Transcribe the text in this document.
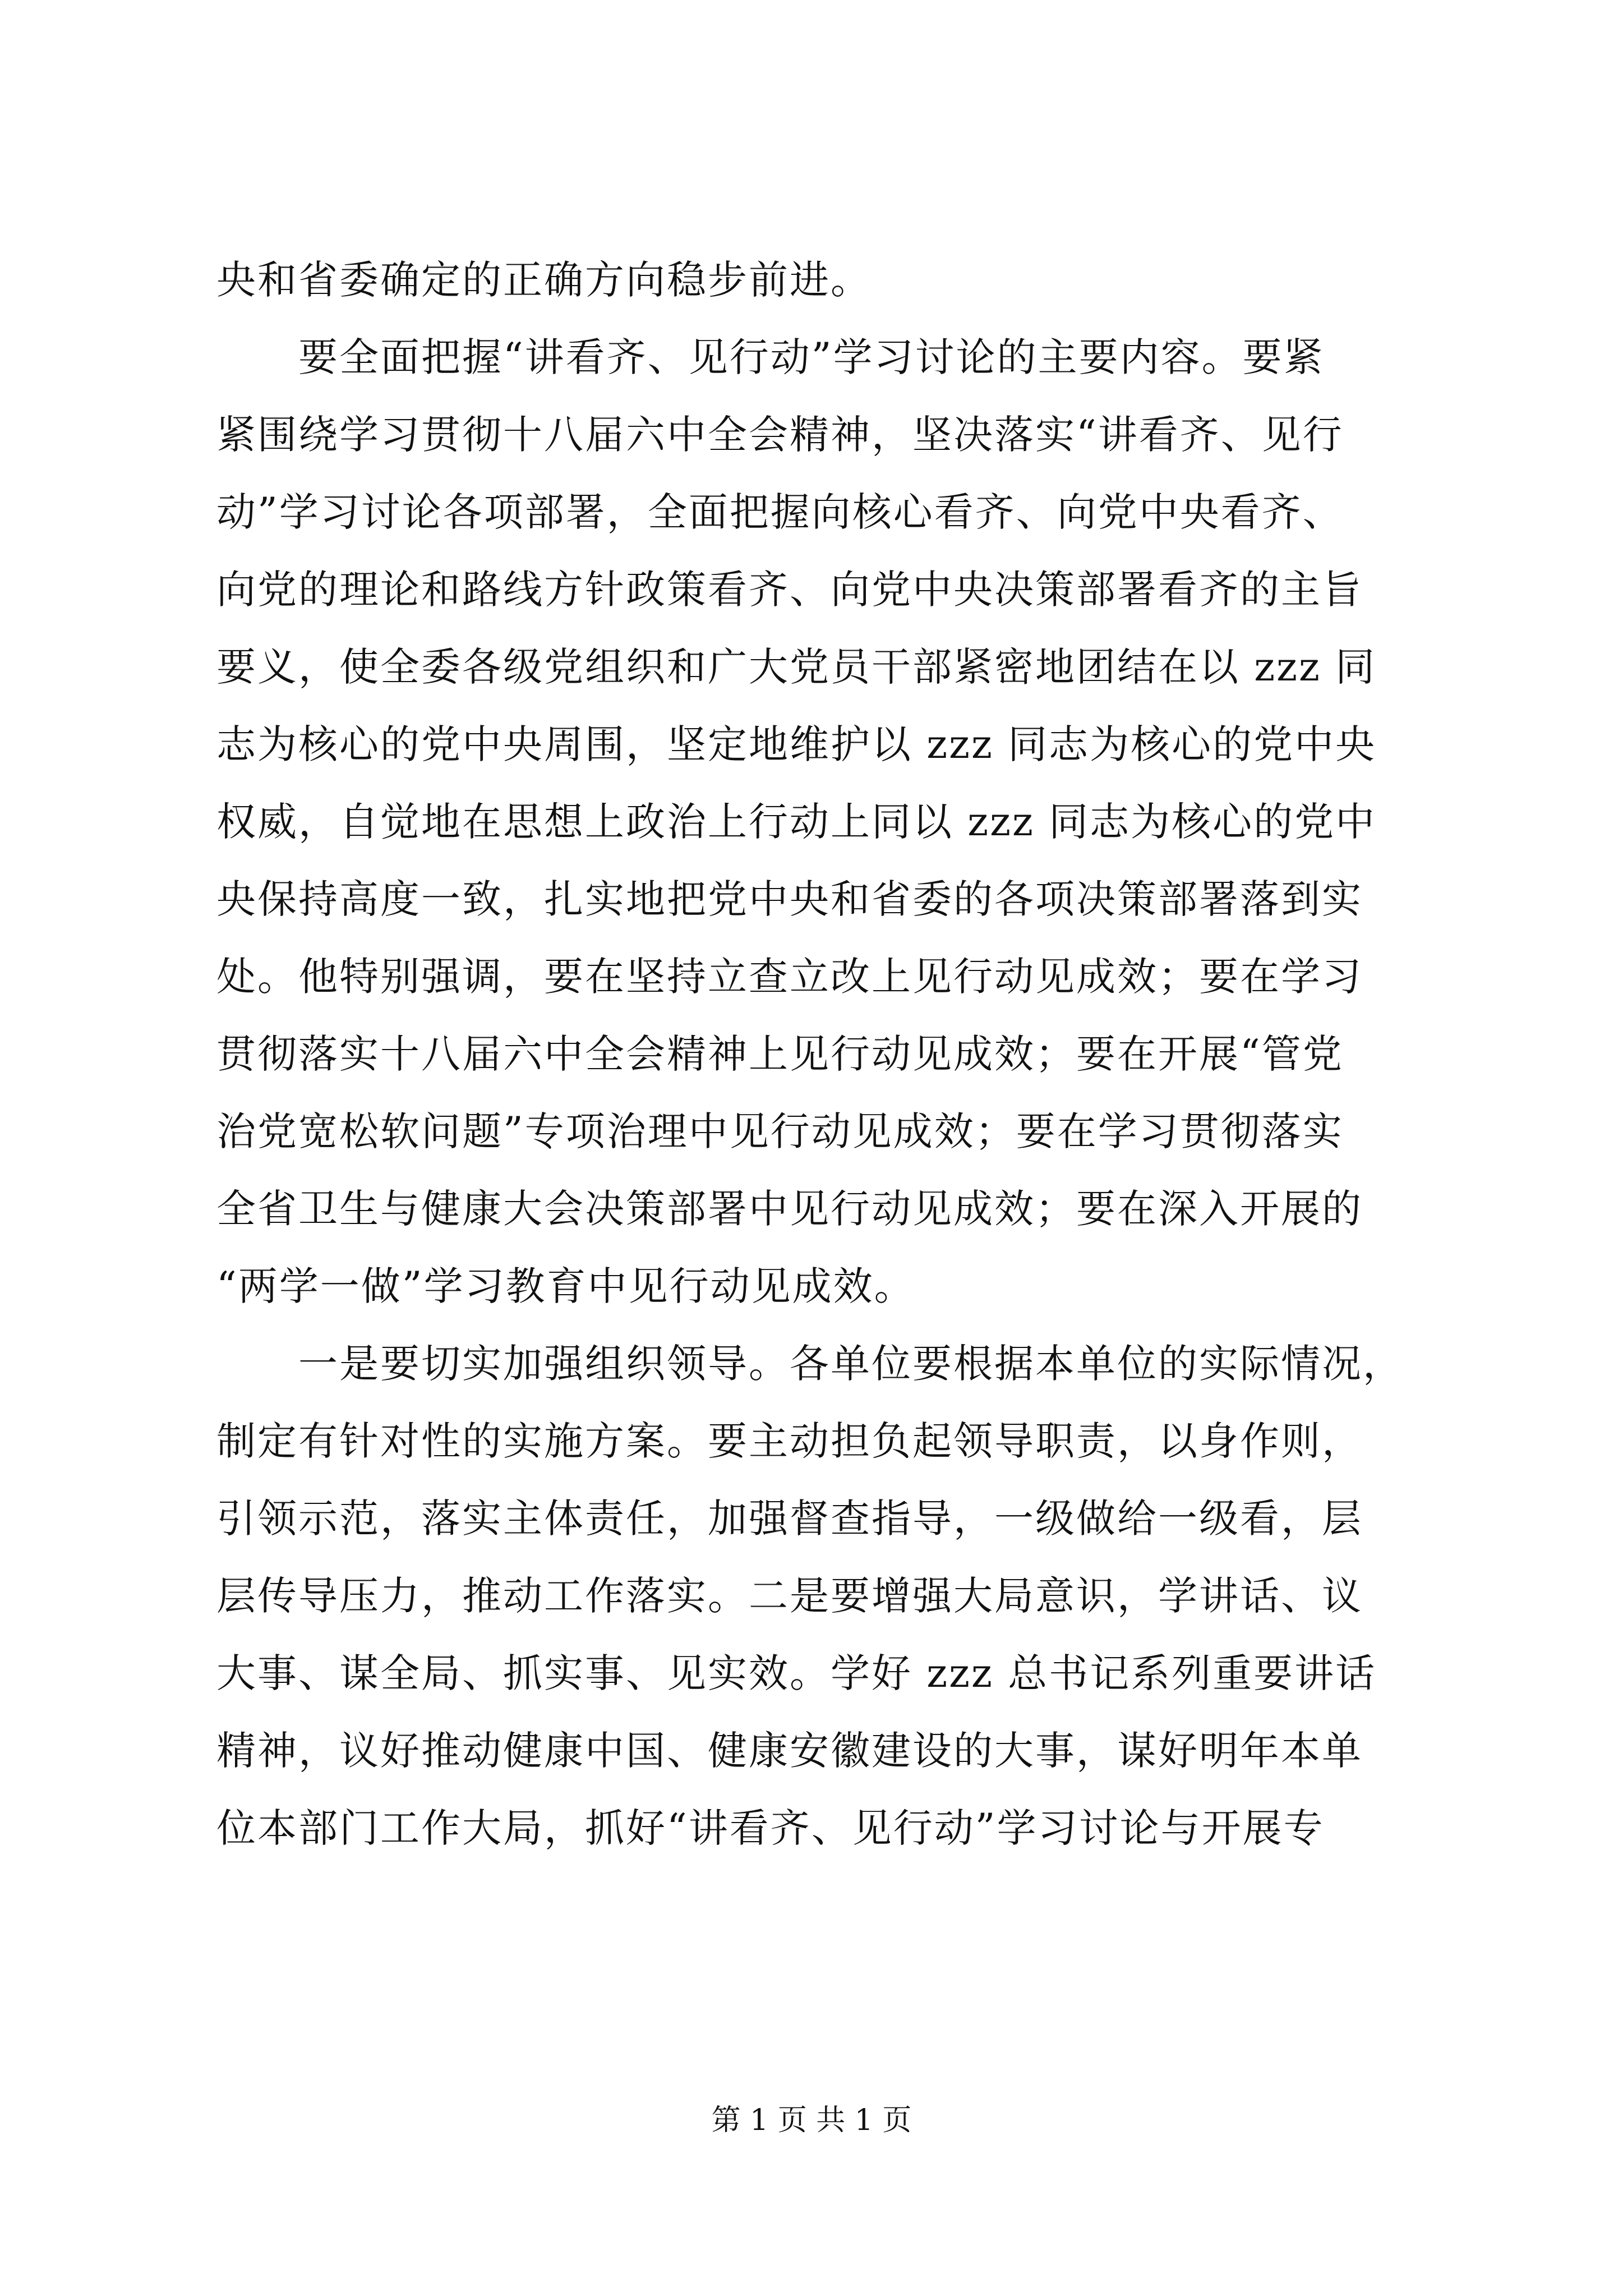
央和省委确定的正确方向稳步前进。
　　要全面把握“讲看齐、见行动”学习讨论的主要内容。要紧
紧围绕学习贯彻十八届六中全会精神，坚决落实“讲看齐、见行
动”学习讨论各项部署，全面把握向核心看齐、向党中央看齐、
向党的理论和路线方针政策看齐、向党中央决策部署看齐的主旨
要义，使全委各级党组织和广大党员干部紧密地团结在以 zzz 同
志为核心的党中央周围，坚定地维护以 zzz 同志为核心的党中央
权威，自觉地在思想上政治上行动上同以 zzz 同志为核心的党中
央保持高度一致，扎实地把党中央和省委的各项决策部署落到实
处。他特别强调，要在坚持立查立改上见行动见成效；要在学习
贯彻落实十八届六中全会精神上见行动见成效；要在开展“管党
治党宽松软问题”专项治理中见行动见成效；要在学习贯彻落实
全省卫生与健康大会决策部署中见行动见成效；要在深入开展的
“两学一做”学习教育中见行动见成效。
　　一是要切实加强组织领导。各单位要根据本单位的实际情况，
制定有针对性的实施方案。要主动担负起领导职责，以身作则，
引领示范，落实主体责任，加强督查指导，一级做给一级看，层
层传导压力，推动工作落实。二是要增强大局意识，学讲话、议
大事、谋全局、抓实事、见实效。学好 zzz 总书记系列重要讲话
精神，议好推动健康中国、健康安徽建设的大事，谋好明年本单
位本部门工作大局，抓好“讲看齐、见行动”学习讨论与开展专
第 1 页 共 1 页
